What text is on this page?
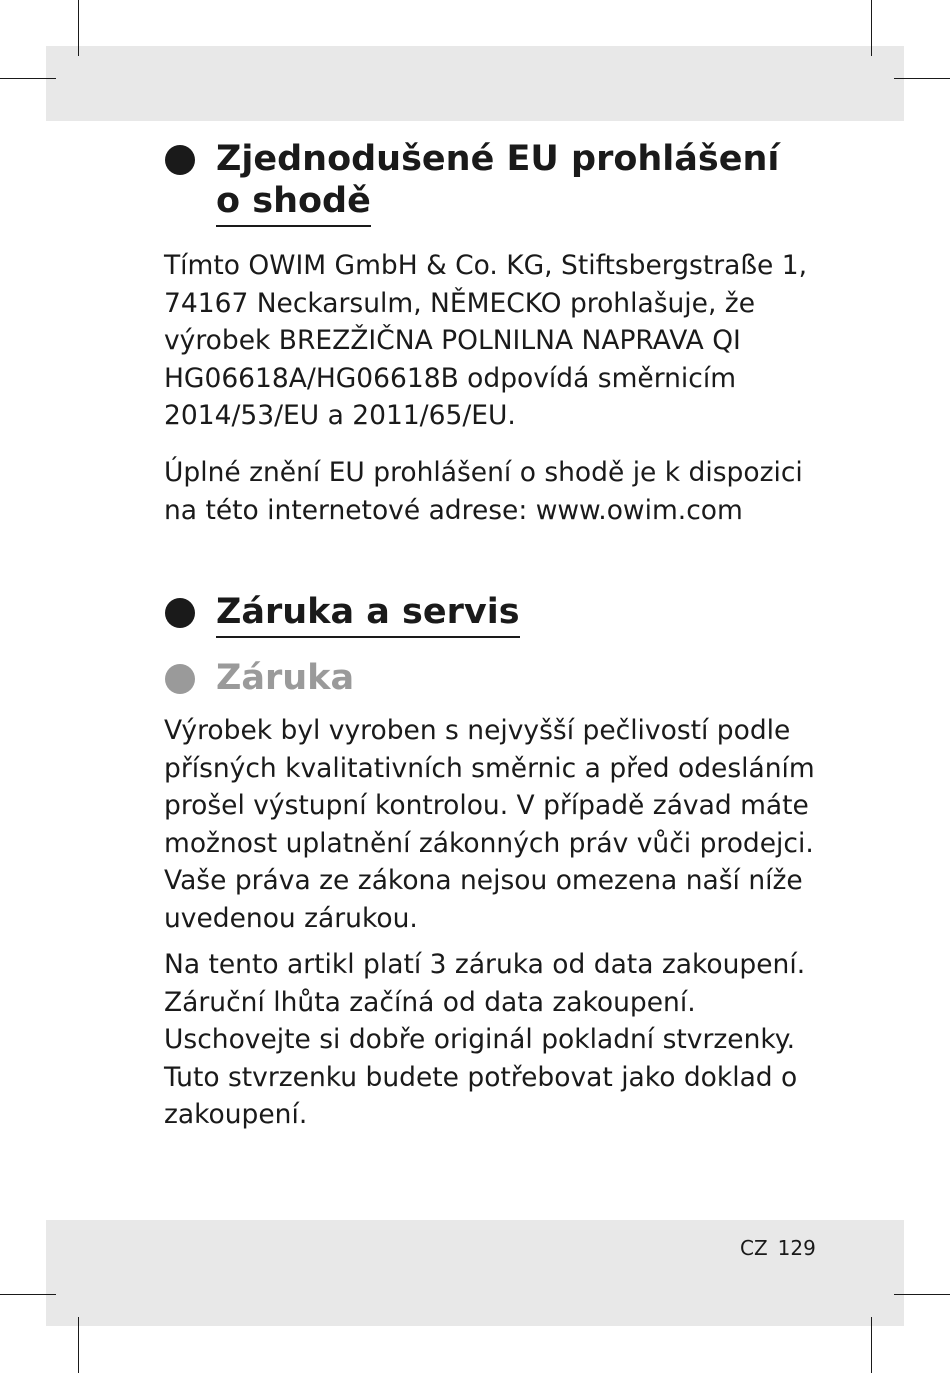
Zjednodušené EU prohlášení
o shodě

Tímto OWIM GmbH & Co. KG, Stiftsbergstraße 1,
74167 Neckarsulm, NĚMECKO prohlašuje, že
výrobek BREZŽIČNA POLNILNA NAPRAVA QI
HG06618A/HG06618B odpovídá směrnicím
2014/53/EU a 2011/65/EU.

Úplné znění EU prohlášení o shodě je k dispozici
na této internetové adrese: www.owim.com

Záruka a servis
Záruka

Výrobek byl vyroben s nejvyšší pečlivostí podle
přísných kvalitativních směrnic a před odesláním
prošel výstupní kontrolou. V případě závad máte
možnost uplatnění zákonných práv vůči prodejci.
Vaše práva ze zákona nejsou omezena naší níže
uvedenou zárukou.

Na tento artikl platí 3 záruka od data zakoupení.
Záruční lhůta začíná od data zakoupení.
Uschovejte si dobře originál pokladní stvrzenky.
Tuto stvrzenku budete potřebovat jako doklad o
zakoupení.

CZ 129
